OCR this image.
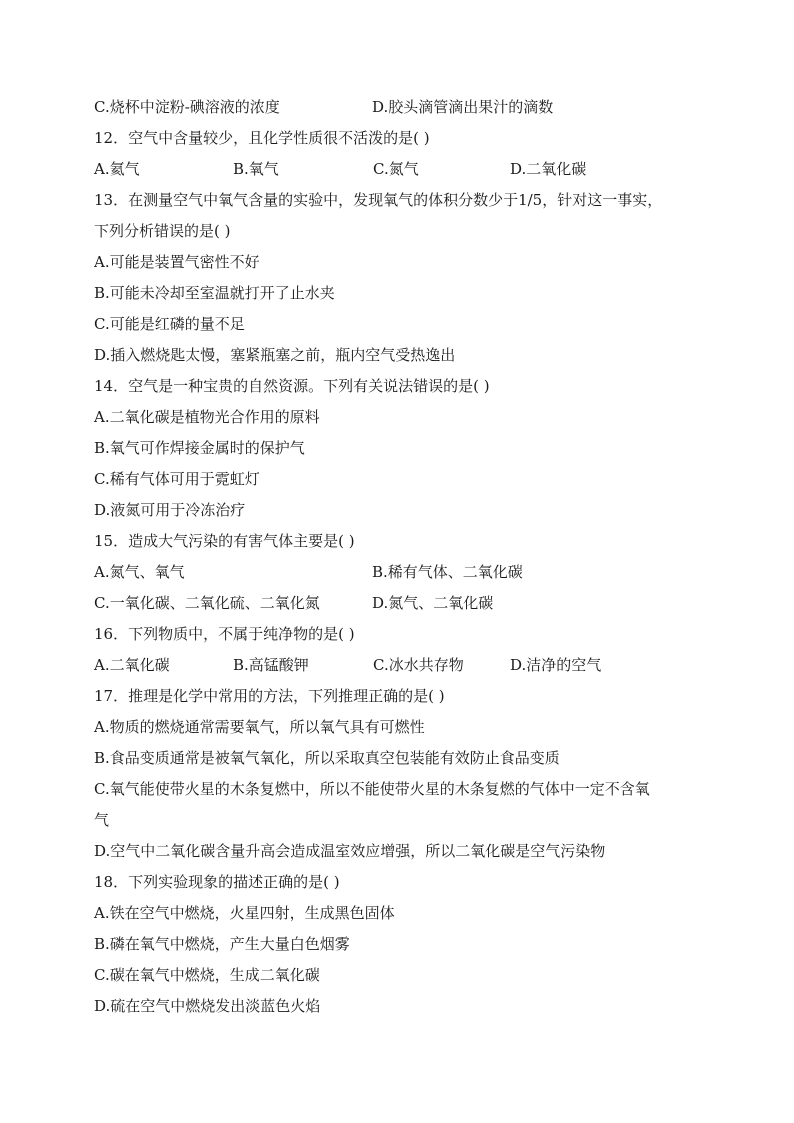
C.烧杯中淀粉-碘溶液的浓度	D.胶头滴管滴出果汁的滴数
12．空气中含量较少，且化学性质很不活泼的是( )
A.氦气	B.氧气	C.氮气	D.二氧化碳
13．在测量空气中氧气含量的实验中，发现氧气的体积分数少于1/5，针对这一事实，
下列分析错误的是( )
A.可能是装置气密性不好
B.可能未冷却至室温就打开了止水夹
C.可能是红磷的量不足
D.插入燃烧匙太慢，塞紧瓶塞之前，瓶内空气受热逸出
14．空气是一种宝贵的自然资源。下列有关说法错误的是( )
A.二氧化碳是植物光合作用的原料
B.氧气可作焊接金属时的保护气
C.稀有气体可用于霓虹灯
D.液氮可用于冷冻治疗
15．造成大气污染的有害气体主要是( )
A.氮气、氧气	B.稀有气体、二氧化碳
C.一氧化碳、二氧化硫、二氧化氮	D.氮气、二氧化碳
16．下列物质中，不属于纯净物的是( )
A.二氧化碳	B.高锰酸钾	C.冰水共存物	D.洁净的空气
17．推理是化学中常用的方法，下列推理正确的是( )
A.物质的燃烧通常需要氧气，所以氧气具有可燃性
B.食品变质通常是被氧气氧化，所以采取真空包装能有效防止食品变质
C.氧气能使带火星的木条复燃中，所以不能使带火星的木条复燃的气体中一定不含氧
气
D.空气中二氧化碳含量升高会造成温室效应增强，所以二氧化碳是空气污染物
18．下列实验现象的描述正确的是( )
A.铁在空气中燃烧，火星四射，生成黑色固体
B.磷在氧气中燃烧，产生大量白色烟雾
C.碳在氧气中燃烧，生成二氧化碳
D.硫在空气中燃烧发出淡蓝色火焰
